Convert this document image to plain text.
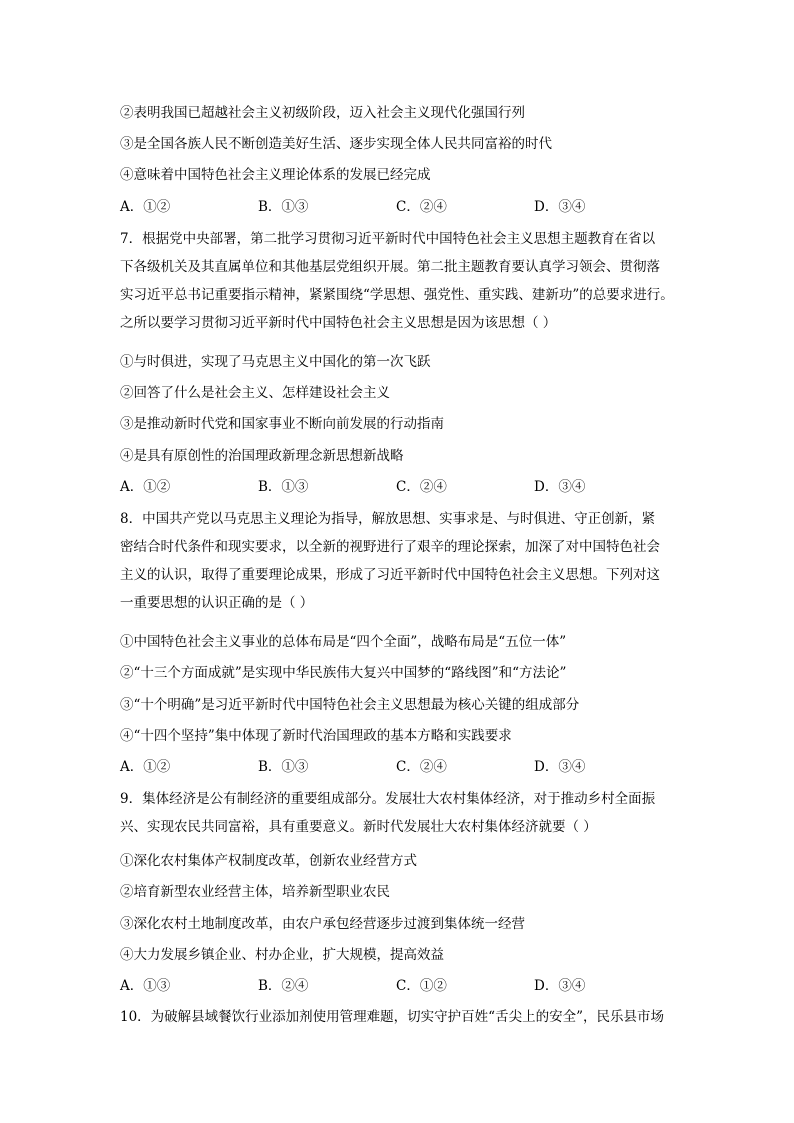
②表明我国已超越社会主义初级阶段，迈入社会主义现代化强国行列
③是全国各族人民不断创造美好生活、逐步实现全体人民共同富裕的时代
④意味着中国特色社会主义理论体系的发展已经完成
A．①②	B．①③	C．②④	D．③④
7．根据党中央部署，第二批学习贯彻习近平新时代中国特色社会主义思想主题教育在省以
下各级机关及其直属单位和其他基层党组织开展。第二批主题教育要认真学习领会、贯彻落
实习近平总书记重要指示精神，紧紧围绕“学思想、强党性、重实践、建新功”的总要求进行。
之所以要学习贯彻习近平新时代中国特色社会主义思想是因为该思想（ ）
①与时俱进，实现了马克思主义中国化的第一次飞跃
②回答了什么是社会主义、怎样建设社会主义
③是推动新时代党和国家事业不断向前发展的行动指南
④是具有原创性的治国理政新理念新思想新战略
A．①②	B．①③	C．②④	D．③④
8．中国共产党以马克思主义理论为指导，解放思想、实事求是、与时俱进、守正创新，紧
密结合时代条件和现实要求，以全新的视野进行了艰辛的理论探索，加深了对中国特色社会
主义的认识，取得了重要理论成果，形成了习近平新时代中国特色社会主义思想。下列对这
一重要思想的认识正确的是（ ）
①中国特色社会主义事业的总体布局是“四个全面”，战略布局是“五位一体”
②“十三个方面成就”是实现中华民族伟大复兴中国梦的“路线图”和“方法论”
③“十个明确”是习近平新时代中国特色社会主义思想最为核心关键的组成部分
④“十四个坚持”集中体现了新时代治国理政的基本方略和实践要求
A．①②	B．①③	C．②④	D．③④
9．集体经济是公有制经济的重要组成部分。发展壮大农村集体经济，对于推动乡村全面振
兴、实现农民共同富裕，具有重要意义。新时代发展壮大农村集体经济就要（ ）
①深化农村集体产权制度改革，创新农业经营方式
②培育新型农业经营主体，培养新型职业农民
③深化农村土地制度改革，由农户承包经营逐步过渡到集体统一经营
④大力发展乡镇企业、村办企业，扩大规模，提高效益
A．①③	B．②④	C．①②	D．③④
10．为破解县域餐饮行业添加剂使用管理难题，切实守护百姓“舌尖上的安全”，民乐县市场
